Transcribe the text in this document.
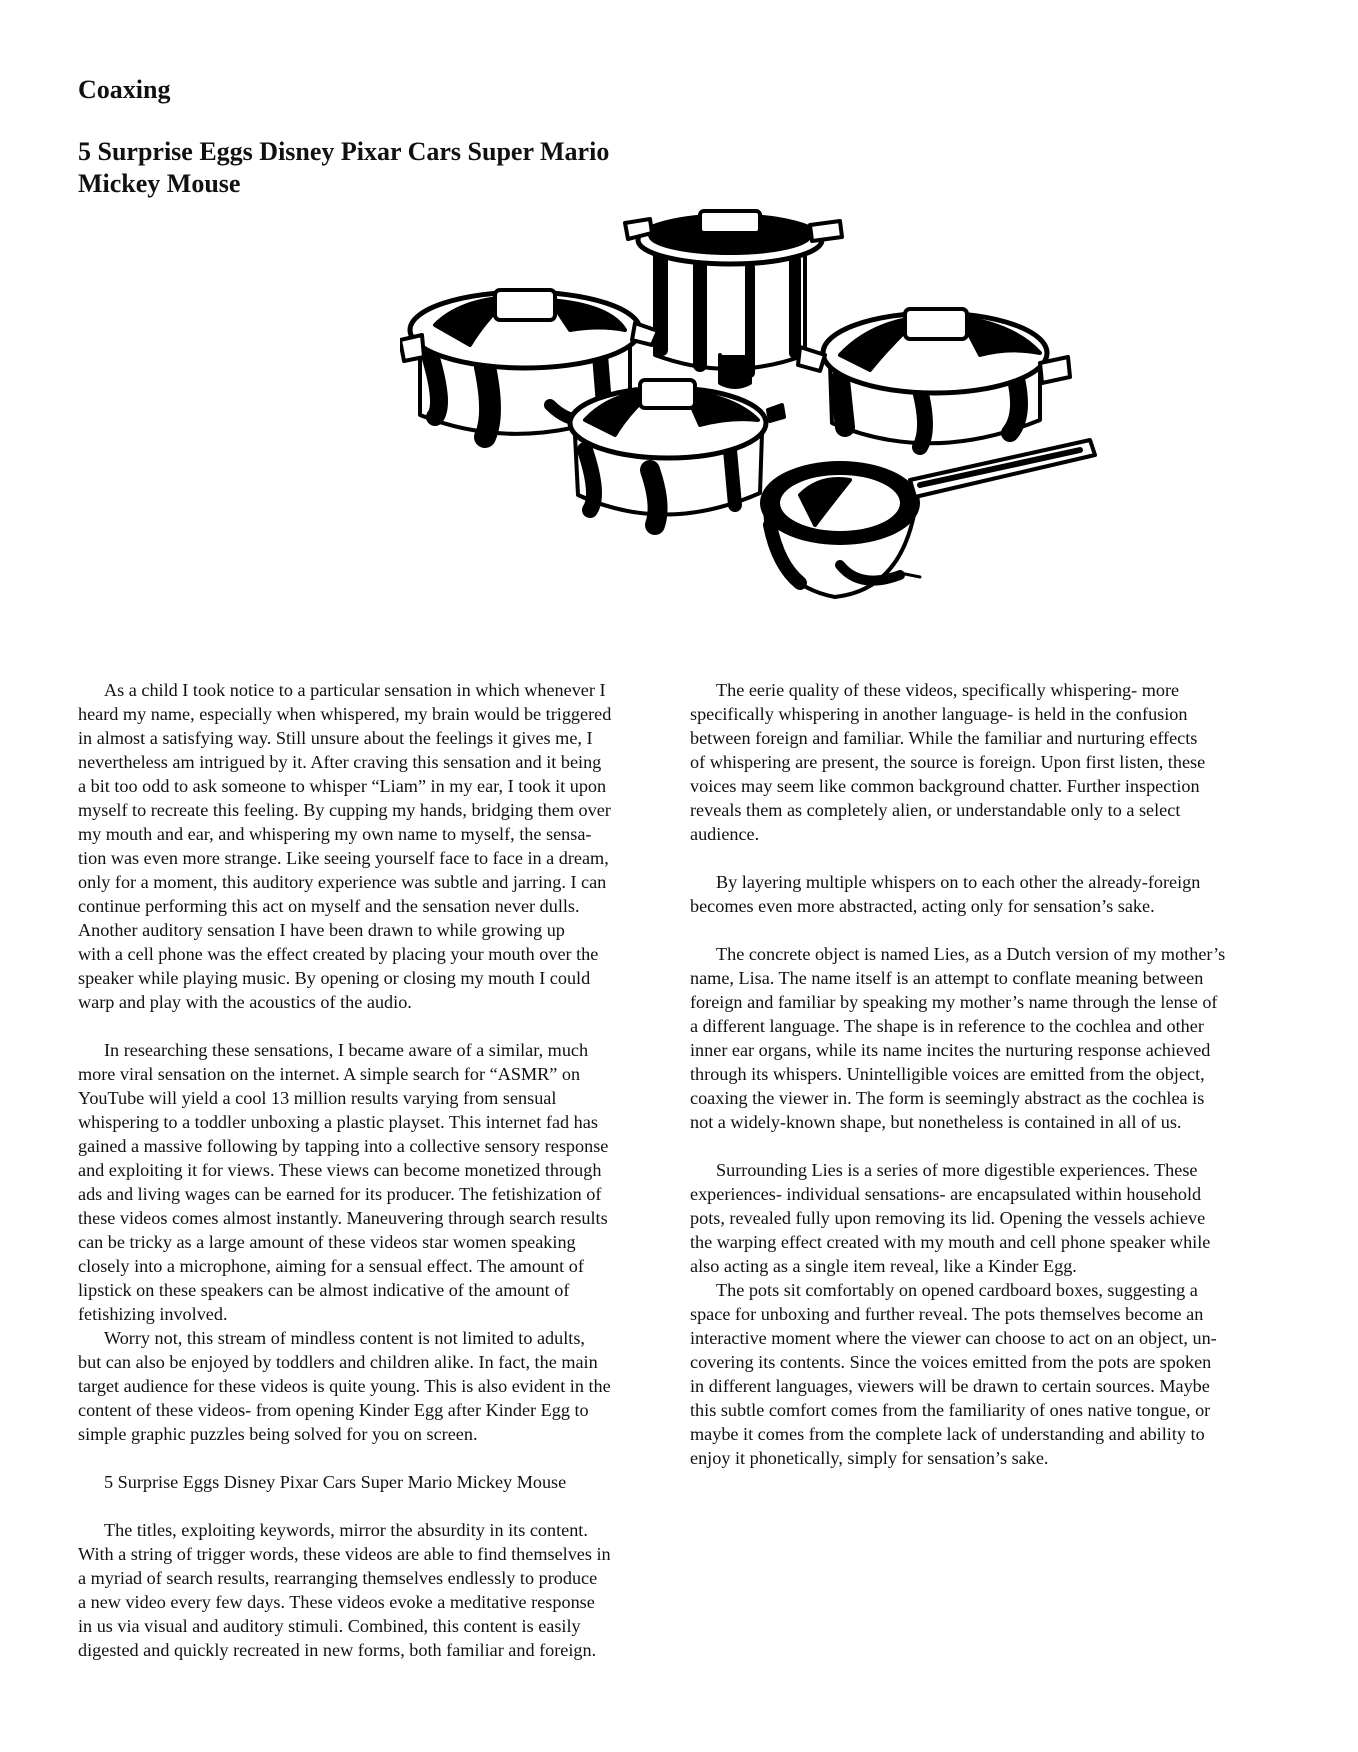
Coaxing
5 Surprise Eggs Disney Pixar Cars Super Mario
Mickey Mouse

As a child I took notice to a particular sensation in which whenever I
heard my name, especially when whispered, my brain would be triggered
in almost a satisfying way. Still unsure about the feelings it gives me, I
nevertheless am intrigued by it. After craving this sensation and it being
a bit too odd to ask someone to whisper “Liam” in my ear, I took it upon
myself to recreate this feeling. By cupping my hands, bridging them over
my mouth and ear, and whispering my own name to myself, the sensa-
tion was even more strange. Like seeing yourself face to face in a dream,
only for a moment, this auditory experience was subtle and jarring. I can
continue performing this act on myself and the sensation never dulls.
Another auditory sensation I have been drawn to while growing up
with a cell phone was the effect created by placing your mouth over the
speaker while playing music. By opening or closing my mouth I could
warp and play with the acoustics of the audio.

In researching these sensations, I became aware of a similar, much
more viral sensation on the internet. A simple search for “ASMR” on
YouTube will yield a cool 13 million results varying from sensual
whispering to a toddler unboxing a plastic playset. This internet fad has
gained a massive following by tapping into a collective sensory response
and exploiting it for views. These views can become monetized through
ads and living wages can be earned for its producer. The fetishization of
these videos comes almost instantly. Maneuvering through search results
can be tricky as a large amount of these videos star women speaking
closely into a microphone, aiming for a sensual effect. The amount of
lipstick on these speakers can be almost indicative of the amount of
fetishizing involved.

Worry not, this stream of mindless content is not limited to adults,
but can also be enjoyed by toddlers and children alike. In fact, the main
target audience for these videos is quite young. This is also evident in the
content of these videos- from opening Kinder Egg after Kinder Egg to
simple graphic puzzles being solved for you on screen.

5 Surprise Eggs Disney Pixar Cars Super Mario Mickey Mouse

The titles, exploiting keywords, mirror the absurdity in its content.
With a string of trigger words, these videos are able to find themselves in
a myriad of search results, rearranging themselves endlessly to produce
a new video every few days. These videos evoke a meditative response
in us via visual and auditory stimuli. Combined, this content is easily
digested and quickly recreated in new forms, both familiar and foreign.

The eerie quality of these videos, specifically whispering- more
specifically whispering in another language- is held in the confusion
between foreign and familiar. While the familiar and nurturing effects
of whispering are present, the source is foreign. Upon first listen, these
voices may seem like common background chatter. Further inspection
reveals them as completely alien, or understandable only to a select
audience.

By layering multiple whispers on to each other the already-foreign
becomes even more abstracted, acting only for sensation’s sake.

The concrete object is named Lies, as a Dutch version of my mother’s
name, Lisa. The name itself is an attempt to conflate meaning between
foreign and familiar by speaking my mother’s name through the lense of
a different language. The shape is in reference to the cochlea and other
inner ear organs, while its name incites the nurturing response achieved
through its whispers. Unintelligible voices are emitted from the object,
coaxing the viewer in. The form is seemingly abstract as the cochlea is
not a widely-known shape, but nonetheless is contained in all of us.

Surrounding Lies is a series of more digestible experiences. These
experiences- individual sensations- are encapsulated within household
pots, revealed fully upon removing its lid. Opening the vessels achieve
the warping effect created with my mouth and cell phone speaker while
also acting as a single item reveal, like a Kinder Egg.

The pots sit comfortably on opened cardboard boxes, suggesting a
space for unboxing and further reveal. The pots themselves become an
interactive moment where the viewer can choose to act on an object, un-
covering its contents. Since the voices emitted from the pots are spoken
in different languages, viewers will be drawn to certain sources. Maybe
this subtle comfort comes from the familiarity of ones native tongue, or
maybe it comes from the complete lack of understanding and ability to
enjoy it phonetically, simply for sensation’s sake.
